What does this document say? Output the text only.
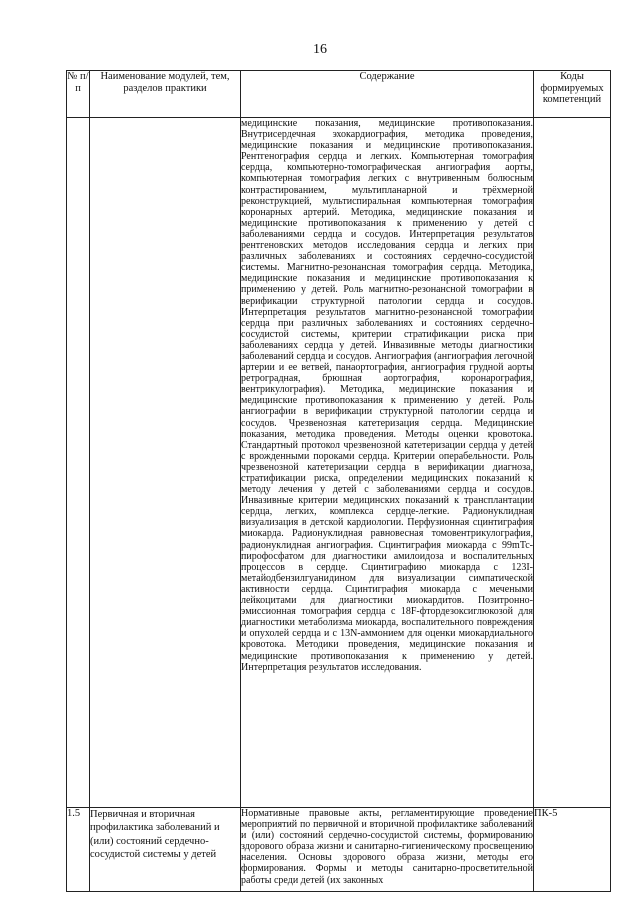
16
№ п/п	Наименование модулей, тем, разделов практики	Содержание	Коды формируемых компетенций
		медицинские показания, медицинские противопоказания. Внутрисердечная эхокардиография, методика проведения, медицинские показания и медицинские противопоказания. Рентгенография сердца и легких. Компьютерная томография сердца, компьютерно-томографическая ангиография аорты, компьютерная томография легких с внутривенным болюсным контрастированием, мультипланарной и трёхмерной реконструкцией, мультиспиральная компьютерная томография коронарных артерий. Методика, медицинские показания и медицинские противопоказания к применению у детей с заболеваниями сердца и сосудов. Интерпретация результатов рентгеновских методов исследования сердца и легких при различных заболеваниях и состояниях сердечно-сосудистой системы. Магнитно-резонансная томография сердца. Методика, медицинские показания и медицинские противопоказания к применению у детей. Роль магнитно-резонансной томографии в верификации структурной патологии сердца и сосудов. Интерпретация результатов магнитно-резонансной томографии сердца при различных заболеваниях и состояниях сердечно-сосудистой системы, критерии стратификации риска при заболеваниях сердца у детей. Инвазивные методы диагностики заболеваний сердца и сосудов. Ангиография (ангиография легочной артерии и ее ветвей, панаортография, ангиография грудной аорты ретроградная, брюшная аортография, коронарография, вентрикулография). Методика, медицинские показания и медицинские противопоказания к применению у детей. Роль ангиографии в верификации структурной патологии сердца и сосудов. Чрезвенозная катетеризация сердца. Медицинские показания, методика проведения. Методы оценки кровотока. Стандартный протокол чрезвенозной катетеризации сердца у детей с врожденными пороками сердца. Критерии операбельности. Роль чрезвенозной катетеризации сердца в верификации диагноза, стратификации риска, определении медицинских показаний к методу лечения у детей с заболеваниями сердца и сосудов. Инвазивные критерии медицинских показаний к трансплантации сердца, легких, комплекса сердце-легкие. Радионуклидная визуализация в детской кардиологии. Перфузионная сцинтиграфия миокарда. Радионуклидная равновесная томовентрикулография, радионуклидная ангиография. Сцинтиграфия миокарда с 99mTc-пирофосфатом для диагностики амилоидоза и воспалительных процессов в сердце. Сцинтиграфию миокарда с 123I-метайодбензилгуанидином для визуализации симпатической активности сердца. Сцинтиграфия миокарда с мечеными лейкоцитами для диагностики миокардитов. Позитронно-эмиссионная томография сердца с 18F-фтордезоксиглюкозой для диагностики метаболизма миокарда, воспалительного повреждения и опухолей сердца и с 13N-аммонием для оценки миокардиального кровотока. Методики проведения, медицинские показания и медицинские противопоказания к применению у детей. Интерпретация результатов исследования.	
1.5	Первичная и вторичная профилактика заболеваний и (или) состояний сердечно-сосудистой системы у детей	Нормативные правовые акты, регламентирующие проведение мероприятий по первичной и вторичной профилактике заболеваний и (или) состояний сердечно-сосудистой системы, формированию здорового образа жизни и санитарно-гигиеническому просвещению населения. Основы здорового образа жизни, методы его формирования. Формы и методы санитарно-просветительной работы среди детей (их законных	ПК-5
